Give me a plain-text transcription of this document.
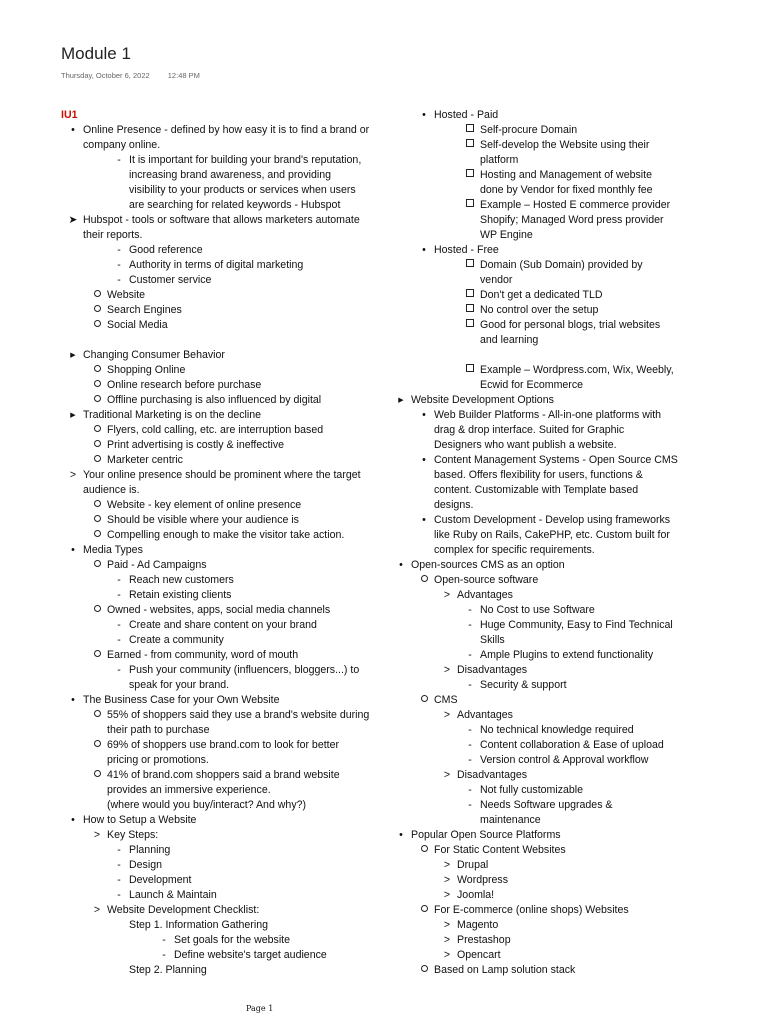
Module 1
Thursday, October 6, 2022 12:48 PM
IU1
• Online Presence - defined by how easy it is to find a brand or
company online.
- It is important for building your brand's reputation,
increasing brand awareness, and providing
visibility to your products or services when users
are searching for related keywords - Hubspot
➤ Hubspot - tools or software that allows marketers automate
their reports.
- Good reference
- Authority in terms of digital marketing
- Customer service
Website
Search Engines
Social Media
▶ Changing Consumer Behavior
Shopping Online
Online research before purchase
Offline purchasing is also influenced by digital
▶ Traditional Marketing is on the decline
Flyers, cold calling, etc. are interruption based
Print advertising is costly & ineffective
Marketer centric
> Your online presence should be prominent where the target
audience is.
Website - key element of online presence
Should be visible where your audience is
Compelling enough to make the visitor take action.
• Media Types
Paid - Ad Campaigns
- Reach new customers
- Retain existing clients
Owned - websites, apps, social media channels
- Create and share content on your brand
- Create a community
Earned - from community, word of mouth
- Push your community (influencers, bloggers...) to
speak for your brand.
• The Business Case for your Own Website
55% of shoppers said they use a brand's website during
their path to purchase
69% of shoppers use brand.com to look for better
pricing or promotions.
41% of brand.com shoppers said a brand website
provides an immersive experience.
(where would you buy/interact? And why?)
• How to Setup a Website
> Key Steps:
- Planning
- Design
- Development
- Launch & Maintain
> Website Development Checklist:
Step 1. Information Gathering
- Set goals for the website
- Define website's target audience
Step 2. Planning
• Hosted - Paid
Self-procure Domain
Self-develop the Website using their
platform
Hosting and Management of website
done by Vendor for fixed monthly fee
Example – Hosted E commerce provider
Shopify; Managed Word press provider
WP Engine
• Hosted - Free
Domain (Sub Domain) provided by
vendor
Don't get a dedicated TLD
No control over the setup
Good for personal blogs, trial websites
and learning
Example – Wordpress.com, Wix, Weebly,
Ecwid for Ecommerce
▶ Website Development Options
• Web Builder Platforms - All-in-one platforms with
drag & drop interface. Suited for Graphic
Designers who want publish a website.
• Content Management Systems - Open Source CMS
based. Offers flexibility for users, functions &
content. Customizable with Template based
designs.
• Custom Development - Develop using frameworks
like Ruby on Rails, CakePHP, etc. Custom built for
complex for specific requirements.
• Open-sources CMS as an option
Open-source software
> Advantages
- No Cost to use Software
- Huge Community, Easy to Find Technical
Skills
- Ample Plugins to extend functionality
> Disadvantages
- Security & support
CMS
> Advantages
- No technical knowledge required
- Content collaboration & Ease of upload
- Version control & Approval workflow
> Disadvantages
- Not fully customizable
- Needs Software upgrades &
maintenance
• Popular Open Source Platforms
For Static Content Websites
> Drupal
> Wordpress
> Joomla!
For E-commerce (online shops) Websites
> Magento
> Prestashop
> Opencart
Based on Lamp solution stack
Page 1
